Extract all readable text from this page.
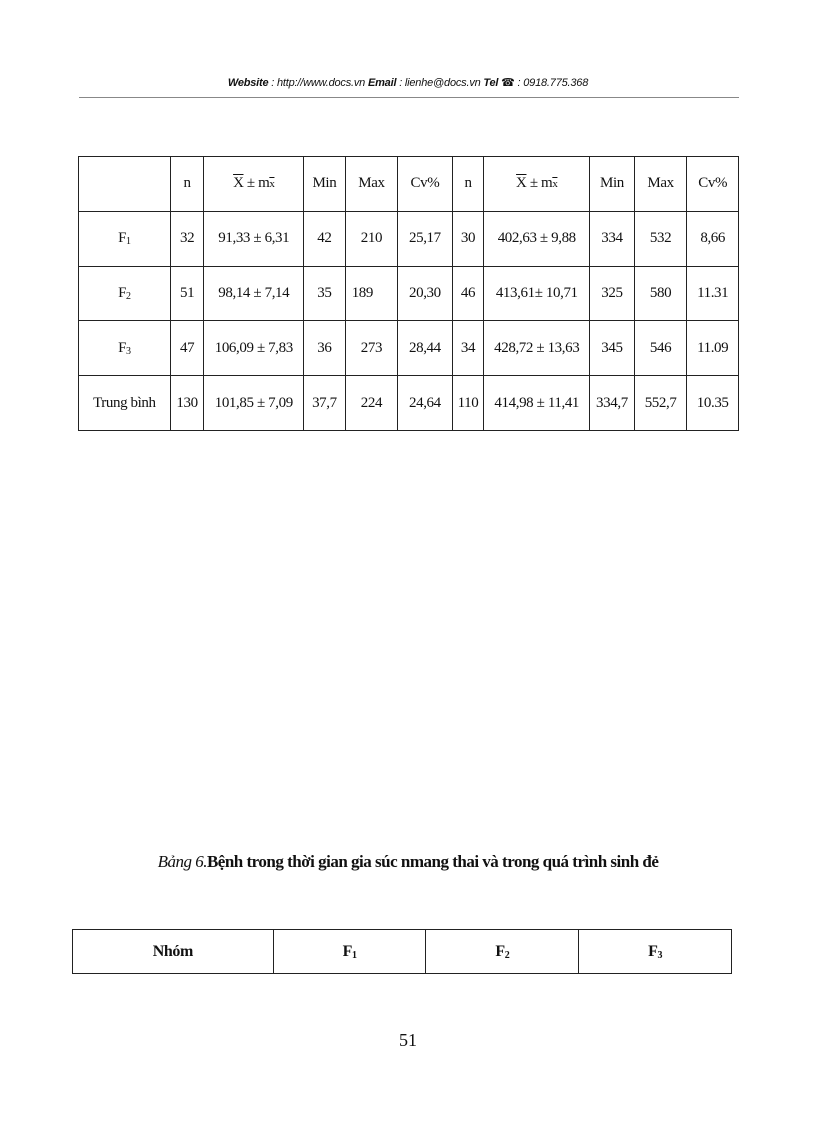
Website : http://www.docs.vn Email : lienhe@docs.vn Tel ☎ : 0918.775.368
	n	$\overline{X} \pm m\overline{x}$	Min	Max	Cv%	n	$\overline{X} \pm m\overline{x}$	Min	Max	Cv%
$F_1$	32	91,33 ± 6,31	42	210	25,17	30	402,63 ± 9,88	334	532	8,66
$F_2$	51	98,14 ± 7,14	35	189	20,30	46	413,61± 10,71	325	580	11.31
$F_3$	47	106,09 ± 7,83	36	273	28,44	34	428,72 ± 13,63	345	546	11.09
Trung bình	130	101,85 ± 7,09	37,7	224	24,64	110	414,98 ± 11,41	334,7	552,7	10.35
Bảng 6.Bệnh trong thời gian gia súc nmang thai và trong quá trình sinh đẻ
Nhóm	$F_1$	$F_2$	$F_3$
51
